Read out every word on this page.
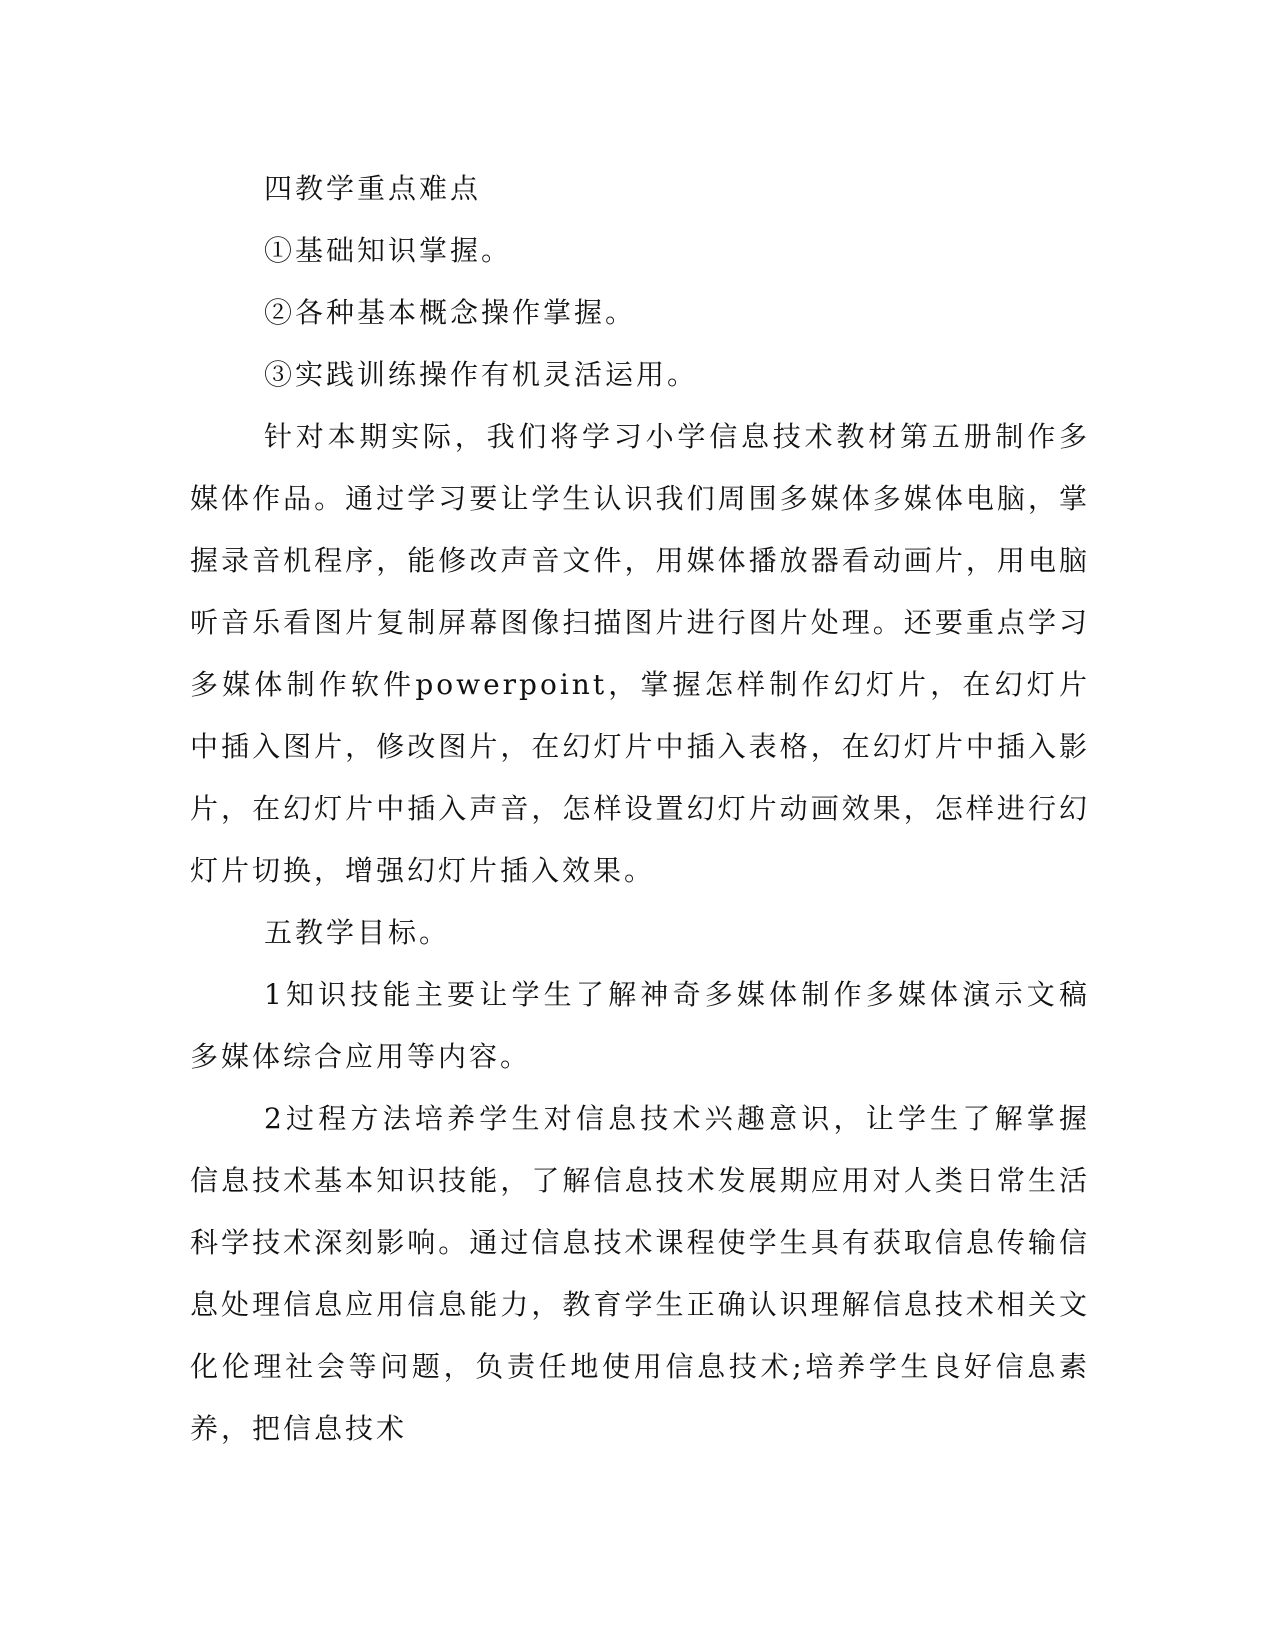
四教学重点难点

①基础知识掌握。

②各种基本概念操作掌握。

③实践训练操作有机灵活运用。

针对本期实际，我们将学习小学信息技术教材第五册制作多媒体作品。通过学习要让学生认识我们周围多媒体多媒体电脑，掌握录音机程序，能修改声音文件，用媒体播放器看动画片，用电脑听音乐看图片复制屏幕图像扫描图片进行图片处理。还要重点学习多媒体制作软件powerpoint，掌握怎样制作幻灯片，在幻灯片中插入图片，修改图片，在幻灯片中插入表格，在幻灯片中插入影片，在幻灯片中插入声音，怎样设置幻灯片动画效果，怎样进行幻灯片切换，增强幻灯片插入效果。

五教学目标。

1知识技能主要让学生了解神奇多媒体制作多媒体演示文稿多媒体综合应用等内容。

2过程方法培养学生对信息技术兴趣意识，让学生了解掌握信息技术基本知识技能，了解信息技术发展期应用对人类日常生活科学技术深刻影响。通过信息技术课程使学生具有获取信息传输信息处理信息应用信息能力，教育学生正确认识理解信息技术相关文化伦理社会等问题，负责任地使用信息技术;培养学生良好信息素养，把信息技术
